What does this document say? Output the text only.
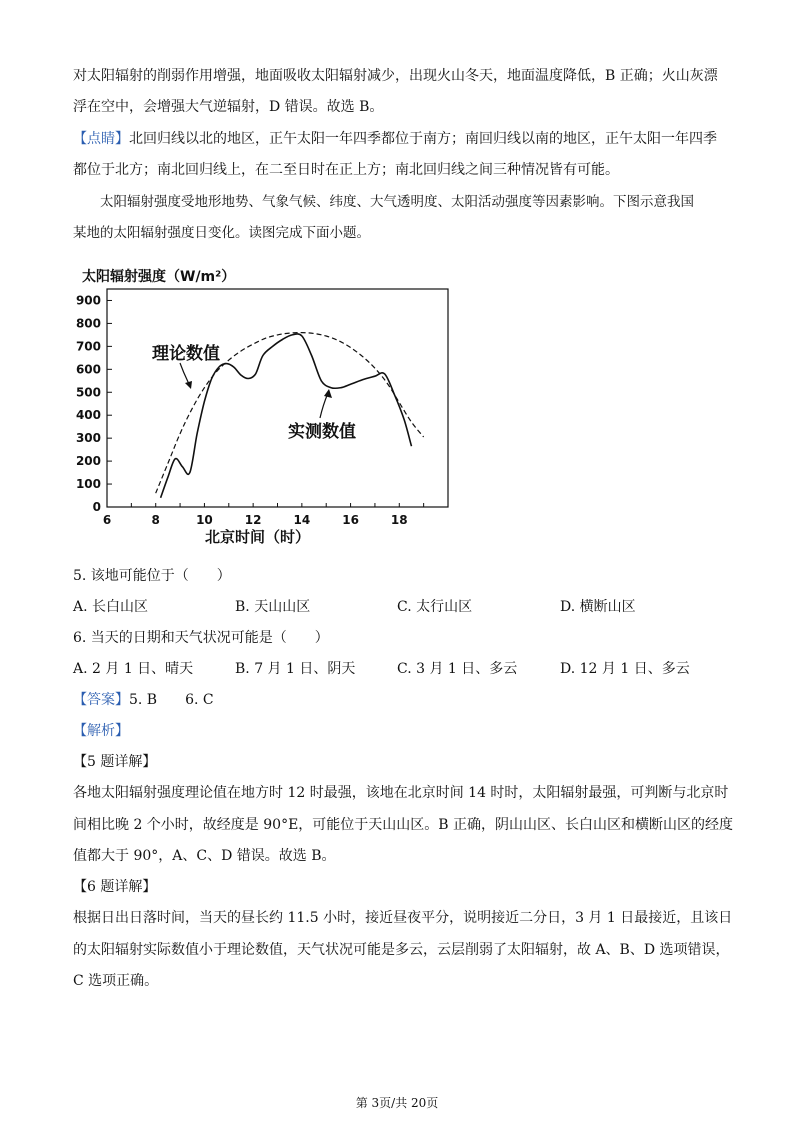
对太阳辐射的削弱作用增强，地面吸收太阳辐射减少，出现火山冬天，地面温度降低，B 正确；火山灰漂
浮在空中，会增强大气逆辐射，D 错误。故选 B。
【点睛】北回归线以北的地区，正午太阳一年四季都位于南方；南回归线以南的地区，正午太阳一年四季
都位于北方；南北回归线上，在二至日时在正上方；南北回归线之间三种情况皆有可能。
太阳辐射强度受地形地势、气象气候、纬度、大气透明度、太阳活动强度等因素影响。下图示意我国
某地的太阳辐射强度日变化。读图完成下面小题。
太阳辐射强度（W/m²）
0
100
200
300
400
500
600
700
800
900
6	8	10	12	14	16	18
理论数值
实测数值
北京时间（时）
5. 该地可能位于（　　）
A. 长白山区	B. 天山山区	C. 太行山区	D. 横断山区
6. 当天的日期和天气状况可能是（　　）
A. 2 月 1 日、晴天	B. 7 月 1 日、阴天	C. 3 月 1 日、多云	D. 12 月 1 日、多云
【答案】5. B　　6. C
【解析】
【5 题详解】
各地太阳辐射强度理论值在地方时 12 时最强，该地在北京时间 14 时时，太阳辐射最强，可判断与北京时
间相比晚 2 个小时，故经度是 90°E，可能位于天山山区。B 正确，阴山山区、长白山区和横断山区的经度
值都大于 90°，A、C、D 错误。故选 B。
【6 题详解】
根据日出日落时间，当天的昼长约 11.5 小时，接近昼夜平分，说明接近二分日，3 月 1 日最接近，且该日
的太阳辐射实际数值小于理论数值，天气状况可能是多云，云层削弱了太阳辐射，故 A、B、D 选项错误，
C 选项正确。
第 3页/共 20页
